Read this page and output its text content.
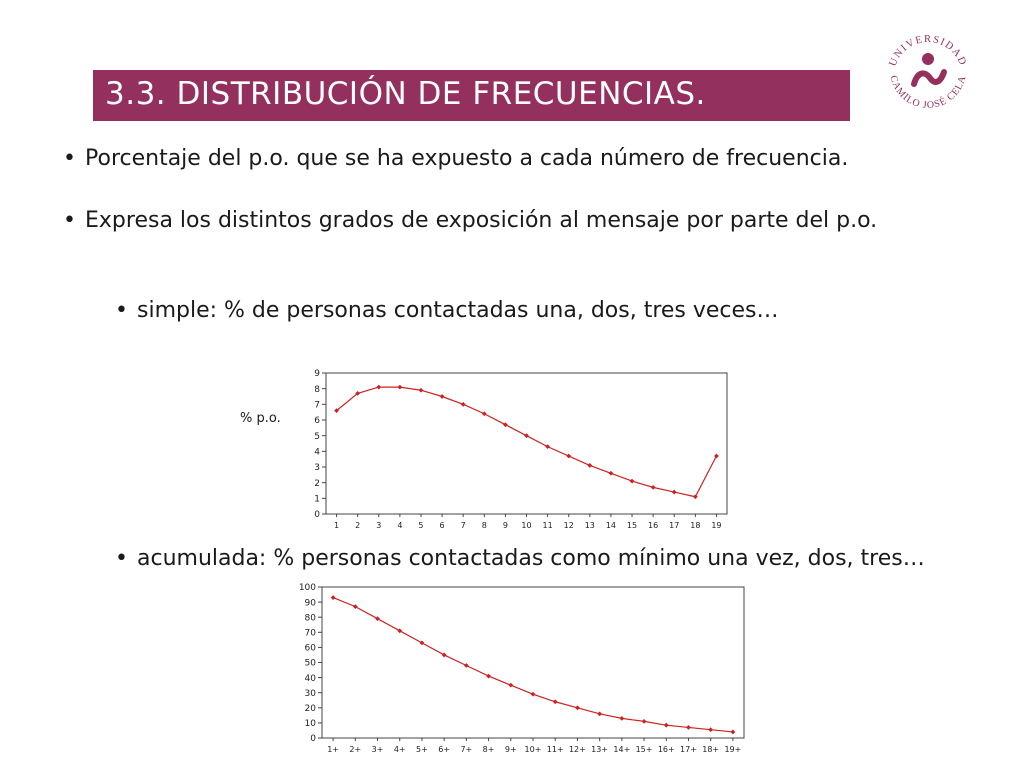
3.3. DISTRIBUCIÓN DE FRECUENCIAS.
UNIVERSIDAD
CAMILO JOSÉ CELA
• Porcentaje del p.o. que se ha expuesto a cada número de frecuencia.
• Expresa los distintos grados de exposición al mensaje por parte del p.o.
• simple: % de personas contactadas una, dos, tres veces…
• acumulada: % personas contactadas como mínimo una vez, dos, tres…
% p.o.
0
1
2
3
4
5
6
7
8
9
1 2 3 4 5 6 7 8 9 10 11 12 13 14 15 16 17 18 19
0
10
20
30
40
50
60
70
80
90
100
1+ 2+ 3+ 4+ 5+ 6+ 7+ 8+ 9+ 10+ 11+ 12+ 13+ 14+ 15+ 16+ 17+ 18+ 19+
